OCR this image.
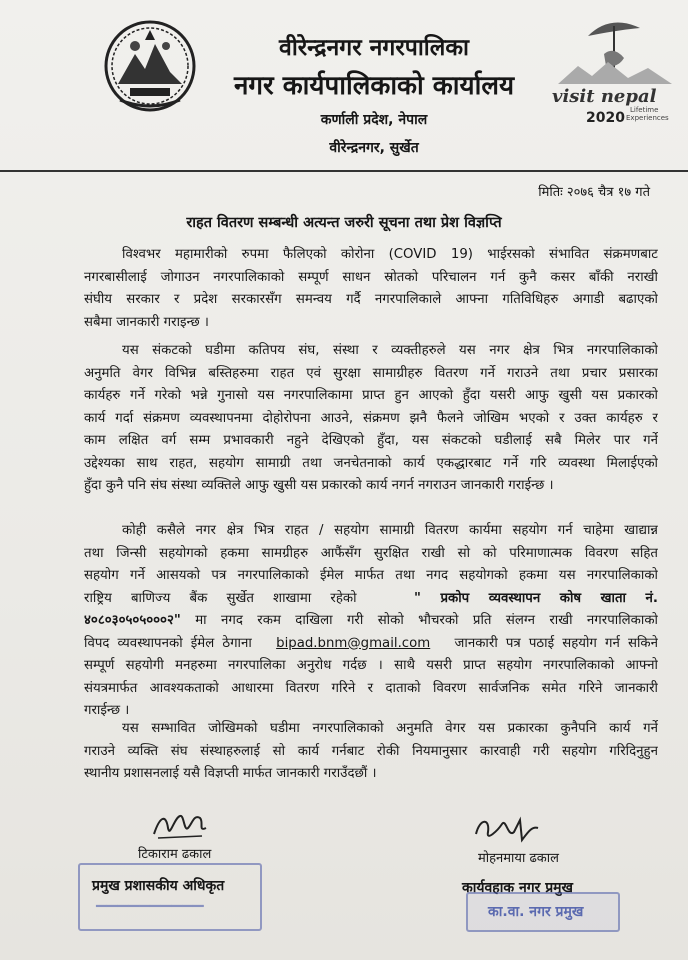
वीरेन्द्रनगर नगरपालिका
नगर कार्यपालिकाको कार्यालय
कर्णाली प्रदेश, नेपाल
वीरेन्द्रनगर, सुर्खेत
visit nepal
2020 Lifetime
Experiences
मितिः २०७६ चैत्र १७ गते
राहत वितरण सम्बन्धी अत्यन्त जरुरी सूचना तथा प्रेश विज्ञप्ति
विश्वभर महामारीको रुपमा फैलिएको कोरोना (COVID 19) भाईरसको संभावित संक्रमणबाट
नगरबासीलाई जोगाउन नगरपालिकाको सम्पूर्ण साधन स्रोतको परिचालन गर्न कुनै कसर बाँकी नराखी
संघीय सरकार र प्रदेश सरकारसँग समन्वय गर्दै नगरपालिकाले आफ्ना गतिविधिहरु अगाडी बढाएको
सबैमा जानकारी गराइन्छ ।
यस संकटको घडीमा कतिपय संघ, संस्था र व्यक्तीहरुले यस नगर क्षेत्र भित्र नगरपालिकाको
अनुमति वेगर विभिन्न बस्तिहरुमा राहत एवं सुरक्षा सामाग्रीहरु वितरण गर्ने गराउने तथा प्रचार प्रसारका
कार्यहरु गर्ने गरेको भन्ने गुनासो यस नगरपालिकामा प्राप्त हुन आएको हुँदा यसरी आफु खुसी यस प्रकारको
कार्य गर्दा संक्रमण व्यवस्थापनमा दोहोरोपना आउने, संक्रमण झनै फैलने जोखिम भएको र उक्त कार्यहरु र
काम लक्षित वर्ग सम्म प्रभावकारी नहुने देखिएको हुँदा, यस संकटको घडीलाई सबै मिलेर पार गर्ने
उद्देश्यका साथ राहत, सहयोग सामाग्री तथा जनचेतनाको कार्य एकद्धारबाट गर्ने गरि व्यवस्था मिलाईएको
हुँदा कुनै पनि संघ संस्था व्यक्तिले आफु खुसी यस प्रकारको कार्य नगर्न नगराउन जानकारी गराईन्छ ।
कोही कसैले नगर क्षेत्र भित्र राहत / सहयोग सामाग्री वितरण कार्यमा सहयोग गर्न चाहेमा खाद्यान्न
तथा जिन्सी सहयोगको हकमा सामग्रीहरु आफैंसँग सुरक्षित राखी सो को परिमाणात्मक विवरण सहित
सहयोग गर्ने आसयको पत्र नगरपालिकाको ईमेल मार्फत तथा नगद सहयोगको हकमा यस नगरपालिकाको
राष्ट्रिय बाणिज्य बैंक सुर्खेत शाखामा रहेको	" प्रकोप व्यवस्थापन कोष खाता नं.
४०८०३०५०५०००२" मा नगद रकम दाखिला गरी सोको भौचरको प्रति संलग्न राखी नगरपालिकाको
विपद व्यवस्थापनको ईमेल ठेगाना bipad.bnm@gmail.com जानकारी पत्र पठाई सहयोग गर्न सकिने
सम्पूर्ण सहयोगी मनहरुमा नगरपालिका अनुरोध गर्दछ । साथै यसरी प्राप्त सहयोग नगरपालिकाको आफ्नो
संयत्रमार्फत आवश्यकताको आधारमा वितरण गरिने र दाताको विवरण सार्वजनिक समेत गरिने जानकारी
गराईन्छ ।
यस सम्भावित जोखिमको घडीमा नगरपालिकाको अनुमति वेगर यस प्रकारका कुनैपनि कार्य गर्ने
गराउने व्यक्ति संघ संस्थाहरुलाई सो कार्य गर्नबाट रोकी नियमानुसार कारवाही गरी सहयोग गरिदिनुहुन
स्थानीय प्रशासनलाई यसै विज्ञप्ती मार्फत जानकारी गराउँदछौं ।
टिकाराम ढकाल	मोहनमाया ढकाल
प्रमुख प्रशासकीय अधिकृत
▔▔▔▔▔▔▔▔▔▔
कार्यवहाक नगर प्रमुख
का.वा. नगर प्रमुख
